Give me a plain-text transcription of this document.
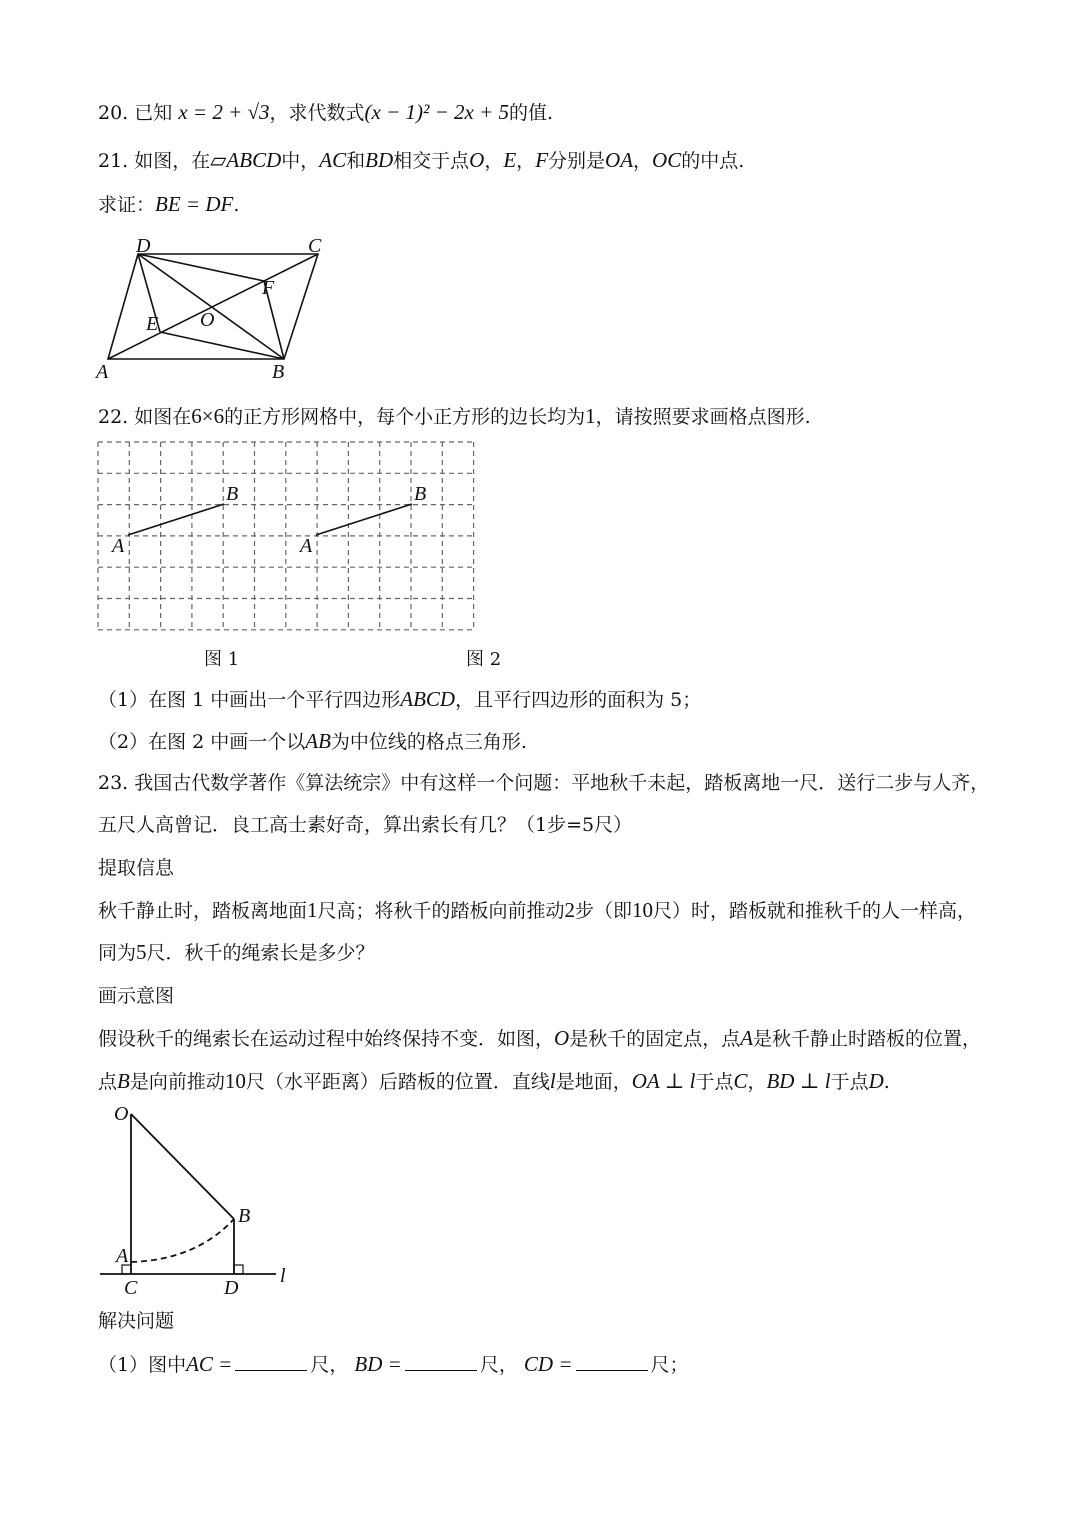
20. 已知 x = 2 + √3，求代数式(x − 1)² − 2x + 5的值.
21. 如图，在▱ABCD中，AC和BD相交于点O，E，F分别是OA，OC的中点.
求证：BE = DF.
D	C
F
O
E
A	B
22. 如图在6×6的正方形网格中，每个小正方形的边长均为1，请按照要求画格点图形.
A
B
A
B
图 1	图 2
（1）在图 1 中画出一个平行四边形ABCD，且平行四边形的面积为 5；
（2）在图 2 中画一个以AB为中位线的格点三角形.
23. 我国古代数学著作《算法统宗》中有这样一个问题：平地秋千未起，踏板离地一尺．送行二步与人齐，
五尺人高曾记．良工高士素好奇，算出索长有几？（1步=5尺）
提取信息
秋千静止时，踏板离地面1尺高；将秋千的踏板向前推动2步（即10尺）时，踏板就和推秋千的人一样高，
同为5尺．秋千的绳索长是多少？
画示意图
假设秋千的绳索长在运动过程中始终保持不变．如图，O是秋千的固定点，点A是秋千静止时踏板的位置，
点B是向前推动10尺（水平距离）后踏板的位置．直线l是地面，OA ⊥ l于点C，BD ⊥ l于点D.
O
B
A
C	D
l
解决问题
（1）图中AC =	尺， BD =	尺， CD =	尺；
